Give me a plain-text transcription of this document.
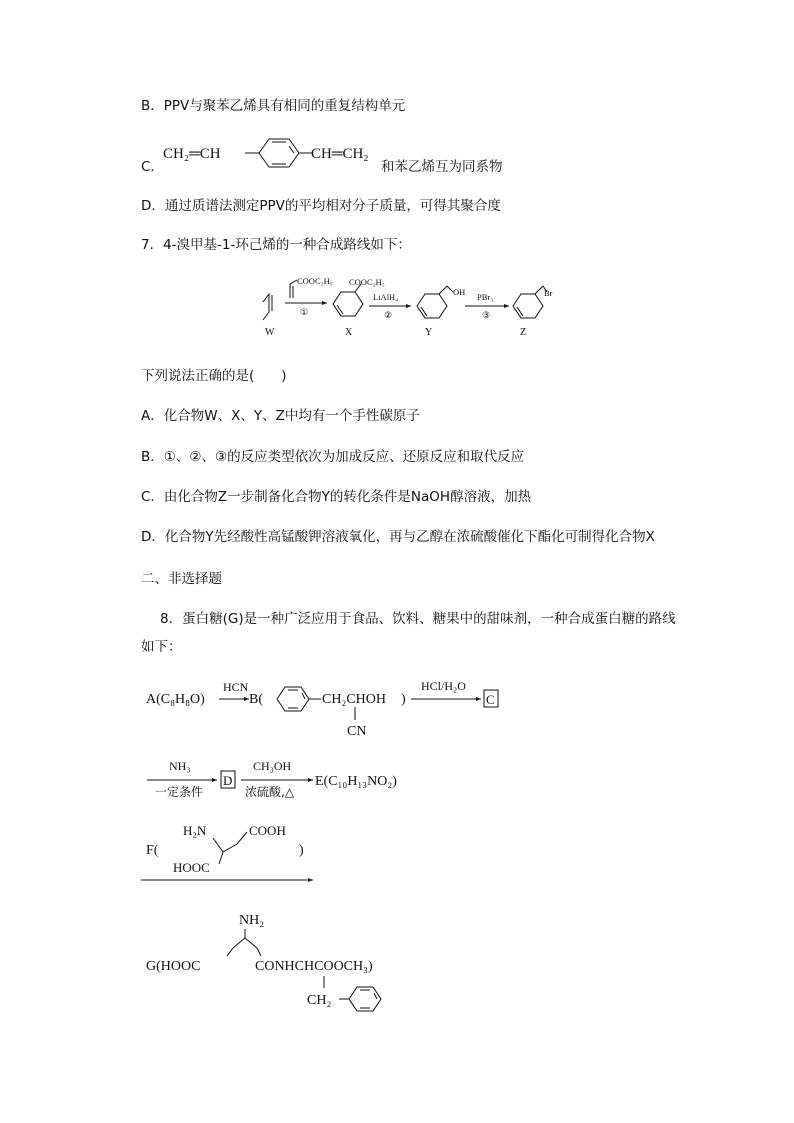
B．PPV与聚苯乙烯具有相同的重复结构单元
C．
CH₂═CH	CH═CH₂
和苯乙烯互为同系物
D．通过质谱法测定PPV的平均相对分子质量，可得其聚合度
7．4-溴甲基-1-环己烯的一种合成路线如下：
W
COOC₂H₅
①
COOC₂H₅
X
LiAlH₄
②
OH
Y
PBr₃
③
Br
Z
下列说法正确的是(　　)
A．化合物W、X、Y、Z中均有一个手性碳原子
B．①、②、③的反应类型依次为加成反应、还原反应和取代反应
C．由化合物Z一步制备化合物Y的转化条件是NaOH醇溶液，加热
D．化合物Y先经酸性高锰酸钾溶液氧化，再与乙醇在浓硫酸催化下酯化可制得化合物X
二、非选择题
8．蛋白糖(G)是一种广泛应用于食品、饮料、糖果中的甜味剂，一种合成蛋白糖的路线
如下：
A(C₈H₈O)
HCN
B(	CH₂CHOH
CN
)
HCl/H₂O
C
NH₃
一定条件
D
CH₃OH
浓硫酸,△
E(C₁₀H₁₃NO₂)
F(
H₂N	COOH
HOOC
)
NH₂
G(HOOC	CONHCHCOOCH₃)
CH₂
